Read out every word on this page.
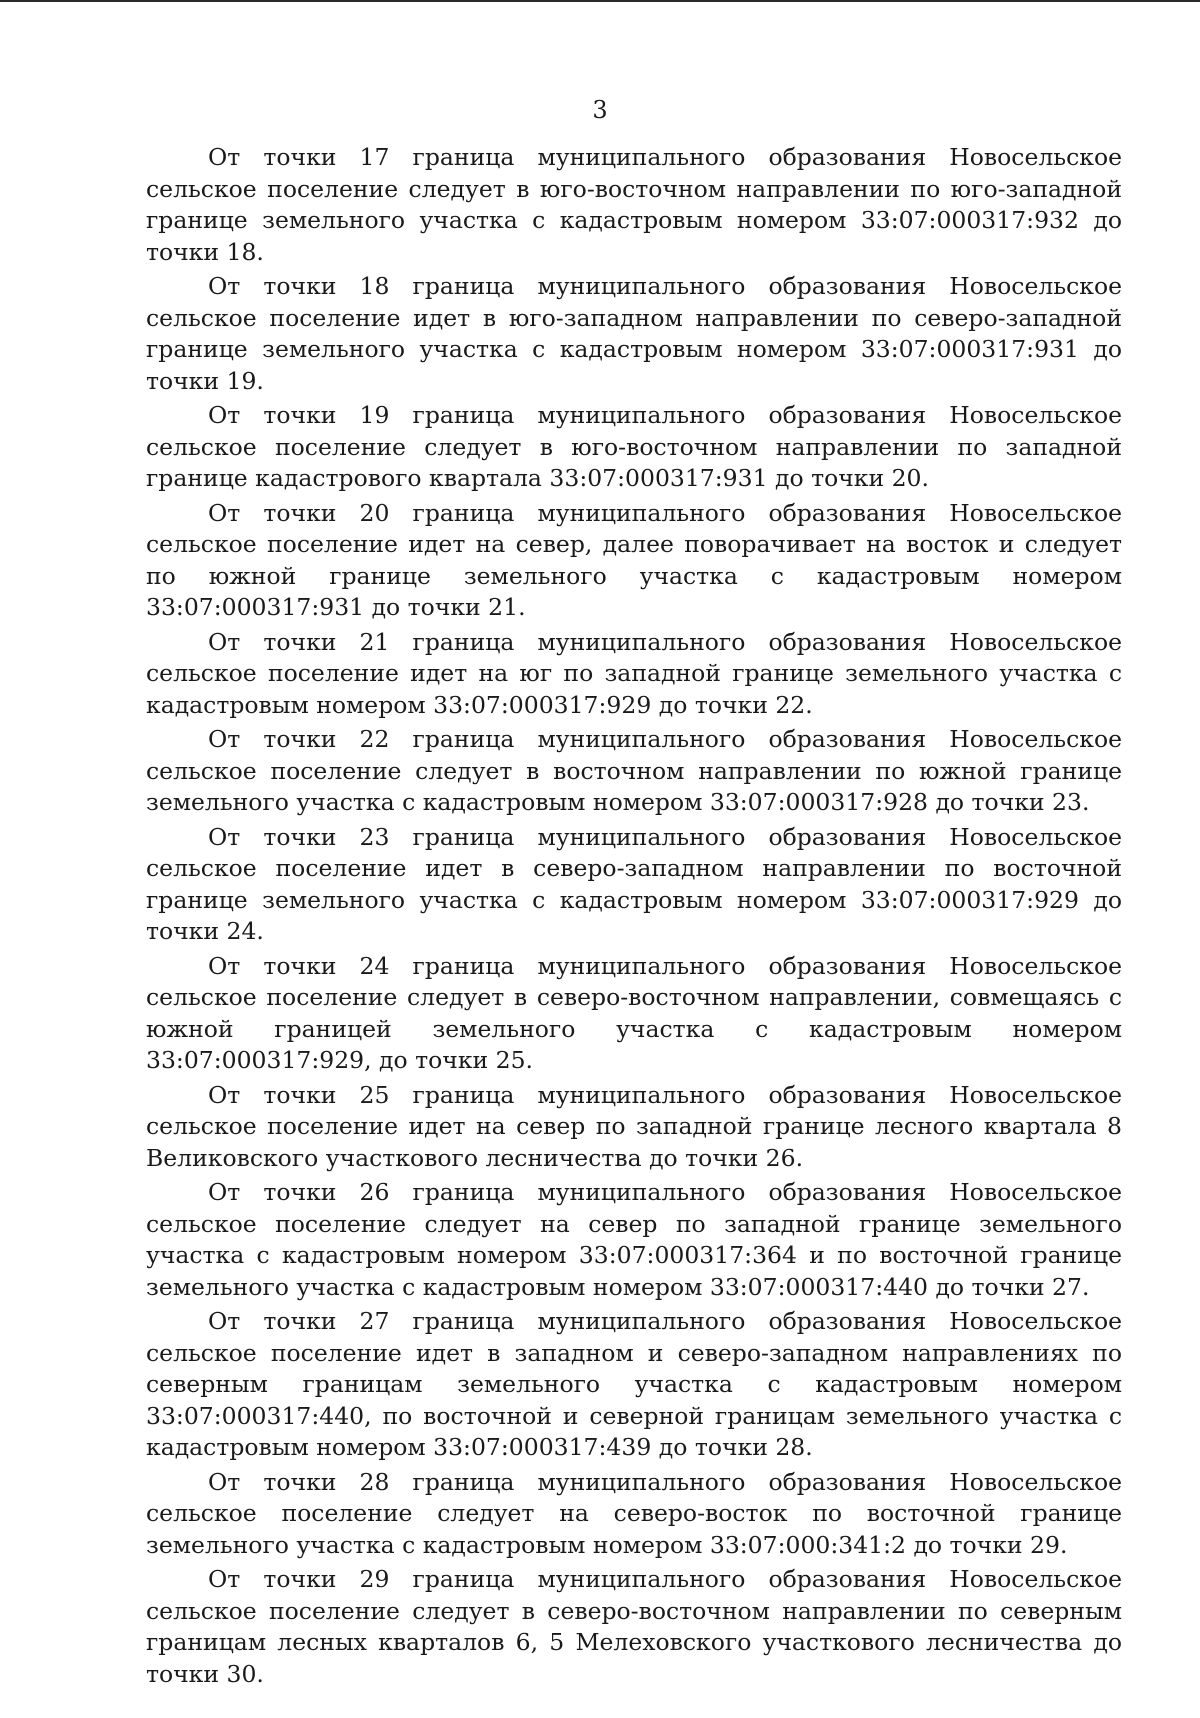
3

От точки 17 граница муниципального образования Новосельское сельское поселение следует в юго-восточном направлении по юго-западной границе земельного участка с кадастровым номером 33:07:000317:932 до точки 18.

От точки 18 граница муниципального образования Новосельское сельское поселение идет в юго-западном направлении по северо-западной границе земельного участка с кадастровым номером 33:07:000317:931 до точки 19.

От точки 19 граница муниципального образования Новосельское сельское поселение следует в юго-восточном направлении по западной границе кадастрового квартала 33:07:000317:931 до точки 20.

От точки 20 граница муниципального образования Новосельское сельское поселение идет на север, далее поворачивает на восток и следует по южной границе земельного участка с кадастровым номером 33:07:000317:931 до точки 21.

От точки 21 граница муниципального образования Новосельское сельское поселение идет на юг по западной границе земельного участка с кадастровым номером 33:07:000317:929 до точки 22.

От точки 22 граница муниципального образования Новосельское сельское поселение следует в восточном направлении по южной границе земельного участка с кадастровым номером 33:07:000317:928 до точки 23.

От точки 23 граница муниципального образования Новосельское сельское поселение идет в северо-западном направлении по восточной границе земельного участка с кадастровым номером 33:07:000317:929 до точки 24.

От точки 24 граница муниципального образования Новосельское сельское поселение следует в северо-восточном направлении, совмещаясь с южной границей земельного участка с кадастровым номером 33:07:000317:929, до точки 25.

От точки 25 граница муниципального образования Новосельское сельское поселение идет на север по западной границе лесного квартала 8 Великовского участкового лесничества до точки 26.

От точки 26 граница муниципального образования Новосельское сельское поселение следует на север по западной границе земельного участка с кадастровым номером 33:07:000317:364 и по восточной границе земельного участка с кадастровым номером 33:07:000317:440 до точки 27.

От точки 27 граница муниципального образования Новосельское сельское поселение идет в западном и северо-западном направлениях по северным границам земельного участка с кадастровым номером 33:07:000317:440, по восточной и северной границам земельного участка с кадастровым номером 33:07:000317:439 до точки 28.

От точки 28 граница муниципального образования Новосельское сельское поселение следует на северо-восток по восточной границе земельного участка с кадастровым номером 33:07:000:341:2 до точки 29.

От точки 29 граница муниципального образования Новосельское сельское поселение следует в северо-восточном направлении по северным границам лесных кварталов 6, 5 Мелеховского участкового лесничества до точки 30.
